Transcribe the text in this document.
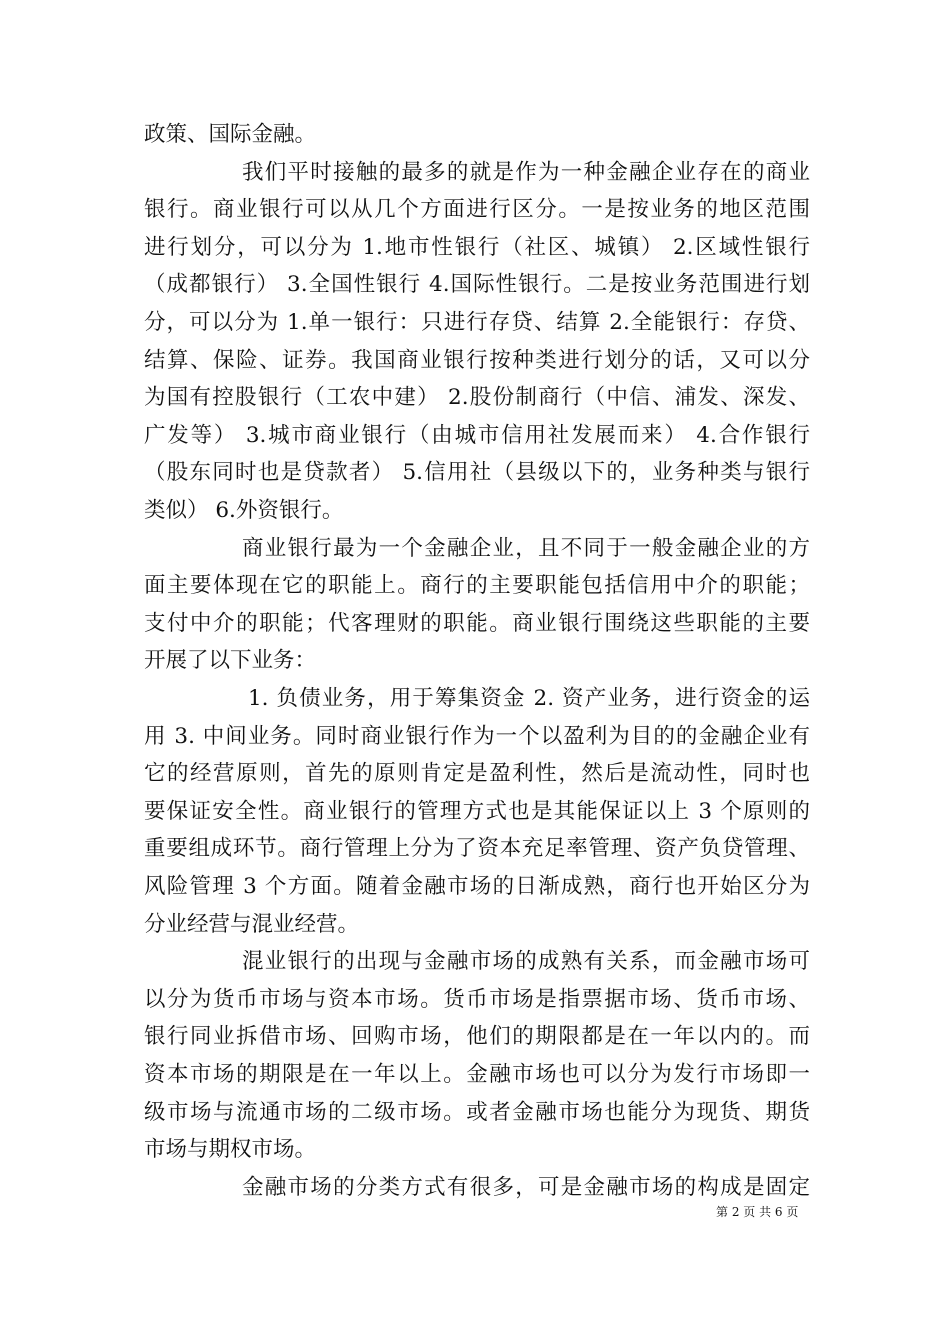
政策、国际金融。
我们平时接触的最多的就是作为一种金融企业存在的商业
银行。商业银行可以从几个方面进行区分。一是按业务的地区范围
进行划分，可以分为 1.地市性银行（社区、城镇） 2.区域性银行
（成都银行） 3.全国性银行 4.国际性银行。二是按业务范围进行划
分，可以分为 1.单一银行：只进行存贷、结算 2.全能银行：存贷、
结算、保险、证券。我国商业银行按种类进行划分的话，又可以分
为国有控股银行（工农中建） 2.股份制商行（中信、浦发、深发、
广发等） 3.城市商业银行（由城市信用社发展而来） 4.合作银行
（股东同时也是贷款者） 5.信用社（县级以下的，业务种类与银行
类似） 6.外资银行。
商业银行最为一个金融企业，且不同于一般金融企业的方
面主要体现在它的职能上。商行的主要职能包括信用中介的职能；
支付中介的职能；代客理财的职能。商业银行围绕这些职能的主要
开展了以下业务：
1. 负债业务，用于筹集资金 2. 资产业务，进行资金的运
用 3. 中间业务。同时商业银行作为一个以盈利为目的的金融企业有
它的经营原则，首先的原则肯定是盈利性，然后是流动性，同时也
要保证安全性。商业银行的管理方式也是其能保证以上 3 个原则的
重要组成环节。商行管理上分为了资本充足率管理、资产负贷管理、
风险管理 3 个方面。随着金融市场的日渐成熟，商行也开始区分为
分业经营与混业经营。
混业银行的出现与金融市场的成熟有关系，而金融市场可
以分为货币市场与资本市场。货币市场是指票据市场、货币市场、
银行同业拆借市场、回购市场，他们的期限都是在一年以内的。而
资本市场的期限是在一年以上。金融市场也可以分为发行市场即一
级市场与流通市场的二级市场。或者金融市场也能分为现货、期货
市场与期权市场。
金融市场的分类方式有很多，可是金融市场的构成是固定
第 2 页 共 6 页
